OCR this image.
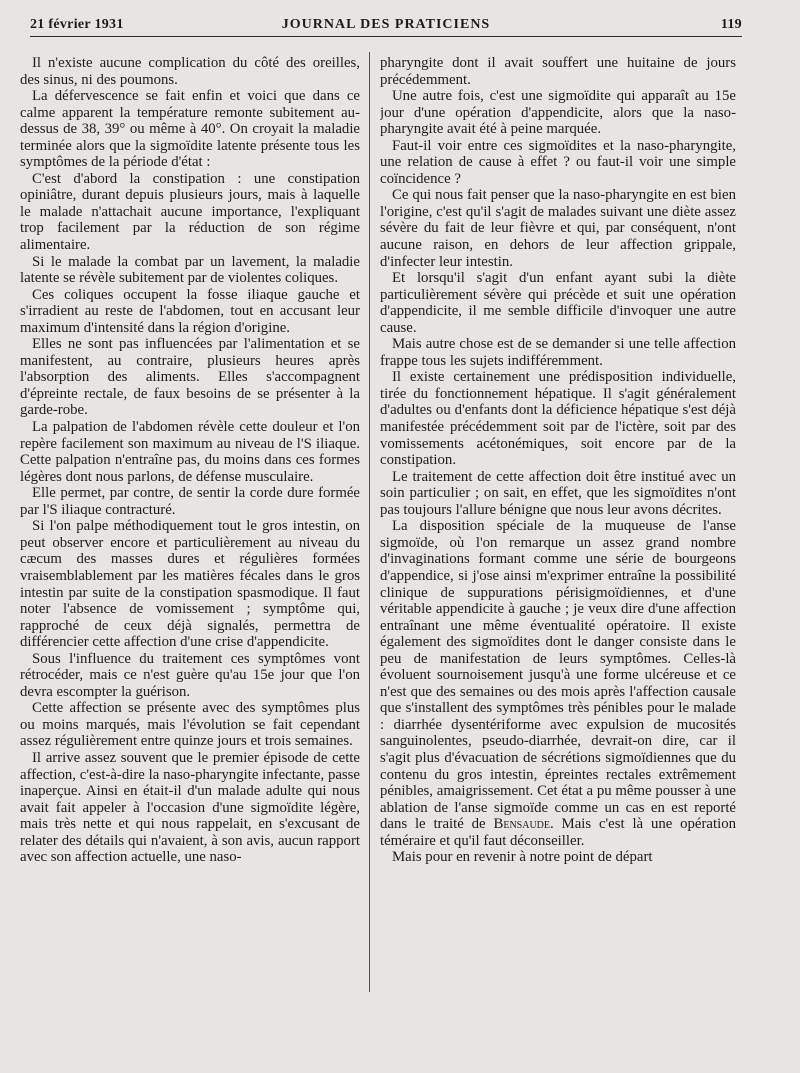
21 février 1931	JOURNAL DES PRATICIENS	119

Il n'existe aucune complication du côté des oreilles, des sinus, ni des poumons.

La défervescence se fait enfin et voici que dans ce calme apparent la température remonte subitement au-dessus de 38, 39° ou même à 40°. On croyait la maladie terminée alors que la sigmoïdite latente présente tous les symptômes de la période d'état :

C'est d'abord la constipation : une constipation opiniâtre, durant depuis plusieurs jours, mais à laquelle le malade n'attachait aucune importance, l'expliquant trop facilement par la réduction de son régime alimentaire.

Si le malade la combat par un lavement, la maladie latente se révèle subitement par de violentes coliques.

Ces coliques occupent la fosse iliaque gauche et s'irradient au reste de l'abdomen, tout en accusant leur maximum d'intensité dans la région d'origine.

Elles ne sont pas influencées par l'alimentation et se manifestent, au contraire, plusieurs heures après l'absorption des aliments. Elles s'accompagnent d'épreinte rectale, de faux besoins de se présenter à la garde-robe.

La palpation de l'abdomen révèle cette douleur et l'on repère facilement son maximum au niveau de l'S iliaque. Cette palpation n'entraîne pas, du moins dans ces formes légères dont nous parlons, de défense musculaire.

Elle permet, par contre, de sentir la corde dure formée par l'S iliaque contracturé.

Si l'on palpe méthodiquement tout le gros intestin, on peut observer encore et particulièrement au niveau du cæcum des masses dures et régulières formées vraisemblablement par les matières fécales dans le gros intestin par suite de la constipation spasmodique. Il faut noter l'absence de vomissement ; symptôme qui, rapproché de ceux déjà signalés, permettra de différencier cette affection d'une crise d'appendicite.

Sous l'influence du traitement ces symptômes vont rétrocéder, mais ce n'est guère qu'au 15e jour que l'on devra escompter la guérison.

Cette affection se présente avec des symptômes plus ou moins marqués, mais l'évolution se fait cependant assez régulièrement entre quinze jours et trois semaines.

Il arrive assez souvent que le premier épisode de cette affection, c'est-à-dire la naso-pharyngite infectante, passe inaperçue. Ainsi en était-il d'un malade adulte qui nous avait fait appeler à l'occasion d'une sigmoïdite légère, mais très nette et qui nous rappelait, en s'excusant de relater des détails qui n'avaient, à son avis, aucun rapport avec son affection actuelle, une naso-

pharyngite dont il avait souffert une huitaine de jours précédemment.

Une autre fois, c'est une sigmoïdite qui apparaît au 15e jour d'une opération d'appendicite, alors que la naso-pharyngite avait été à peine marquée.

Faut-il voir entre ces sigmoïdites et la naso-pharyngite, une relation de cause à effet ? ou faut-il voir une simple coïncidence ?

Ce qui nous fait penser que la naso-pharyngite en est bien l'origine, c'est qu'il s'agit de malades suivant une diète assez sévère du fait de leur fièvre et qui, par conséquent, n'ont aucune raison, en dehors de leur affection grippale, d'infecter leur intestin.

Et lorsqu'il s'agit d'un enfant ayant subi la diète particulièrement sévère qui précède et suit une opération d'appendicite, il me semble difficile d'invoquer une autre cause.

Mais autre chose est de se demander si une telle affection frappe tous les sujets indifféremment.

Il existe certainement une prédisposition individuelle, tirée du fonctionnement hépatique. Il s'agit généralement d'adultes ou d'enfants dont la déficience hépatique s'est déjà manifestée précédemment soit par de l'ictère, soit par des vomissements acétonémiques, soit encore par de la constipation.

Le traitement de cette affection doit être institué avec un soin particulier ; on sait, en effet, que les sigmoïdites n'ont pas toujours l'allure bénigne que nous leur avons décrites.

La disposition spéciale de la muqueuse de l'anse sigmoïde, où l'on remarque un assez grand nombre d'invaginations formant comme une série de bourgeons d'appendice, si j'ose ainsi m'exprimer entraîne la possibilité clinique de suppurations périsigmoïdiennes, et d'une véritable appendicite à gauche ; je veux dire d'une affection entraînant une même éventualité opératoire. Il existe également des sigmoïdites dont le danger consiste dans le peu de manifestation de leurs symptômes. Celles-là évoluent sournoisement jusqu'à une forme ulcéreuse et ce n'est que des semaines ou des mois après l'affection causale que s'installent des symptômes très pénibles pour le malade : diarrhée dysentériforme avec expulsion de mucosités sanguinolentes, pseudo-diarrhée, devrait-on dire, car il s'agit plus d'évacuation de sécrétions sigmoïdiennes que du contenu du gros intestin, épreintes rectales extrêmement pénibles, amaigrissement. Cet état a pu même pousser à une ablation de l'anse sigmoïde comme un cas en est reporté dans le traité de Bensaude. Mais c'est là une opération téméraire et qu'il faut déconseiller.

Mais pour en revenir à notre point de départ
